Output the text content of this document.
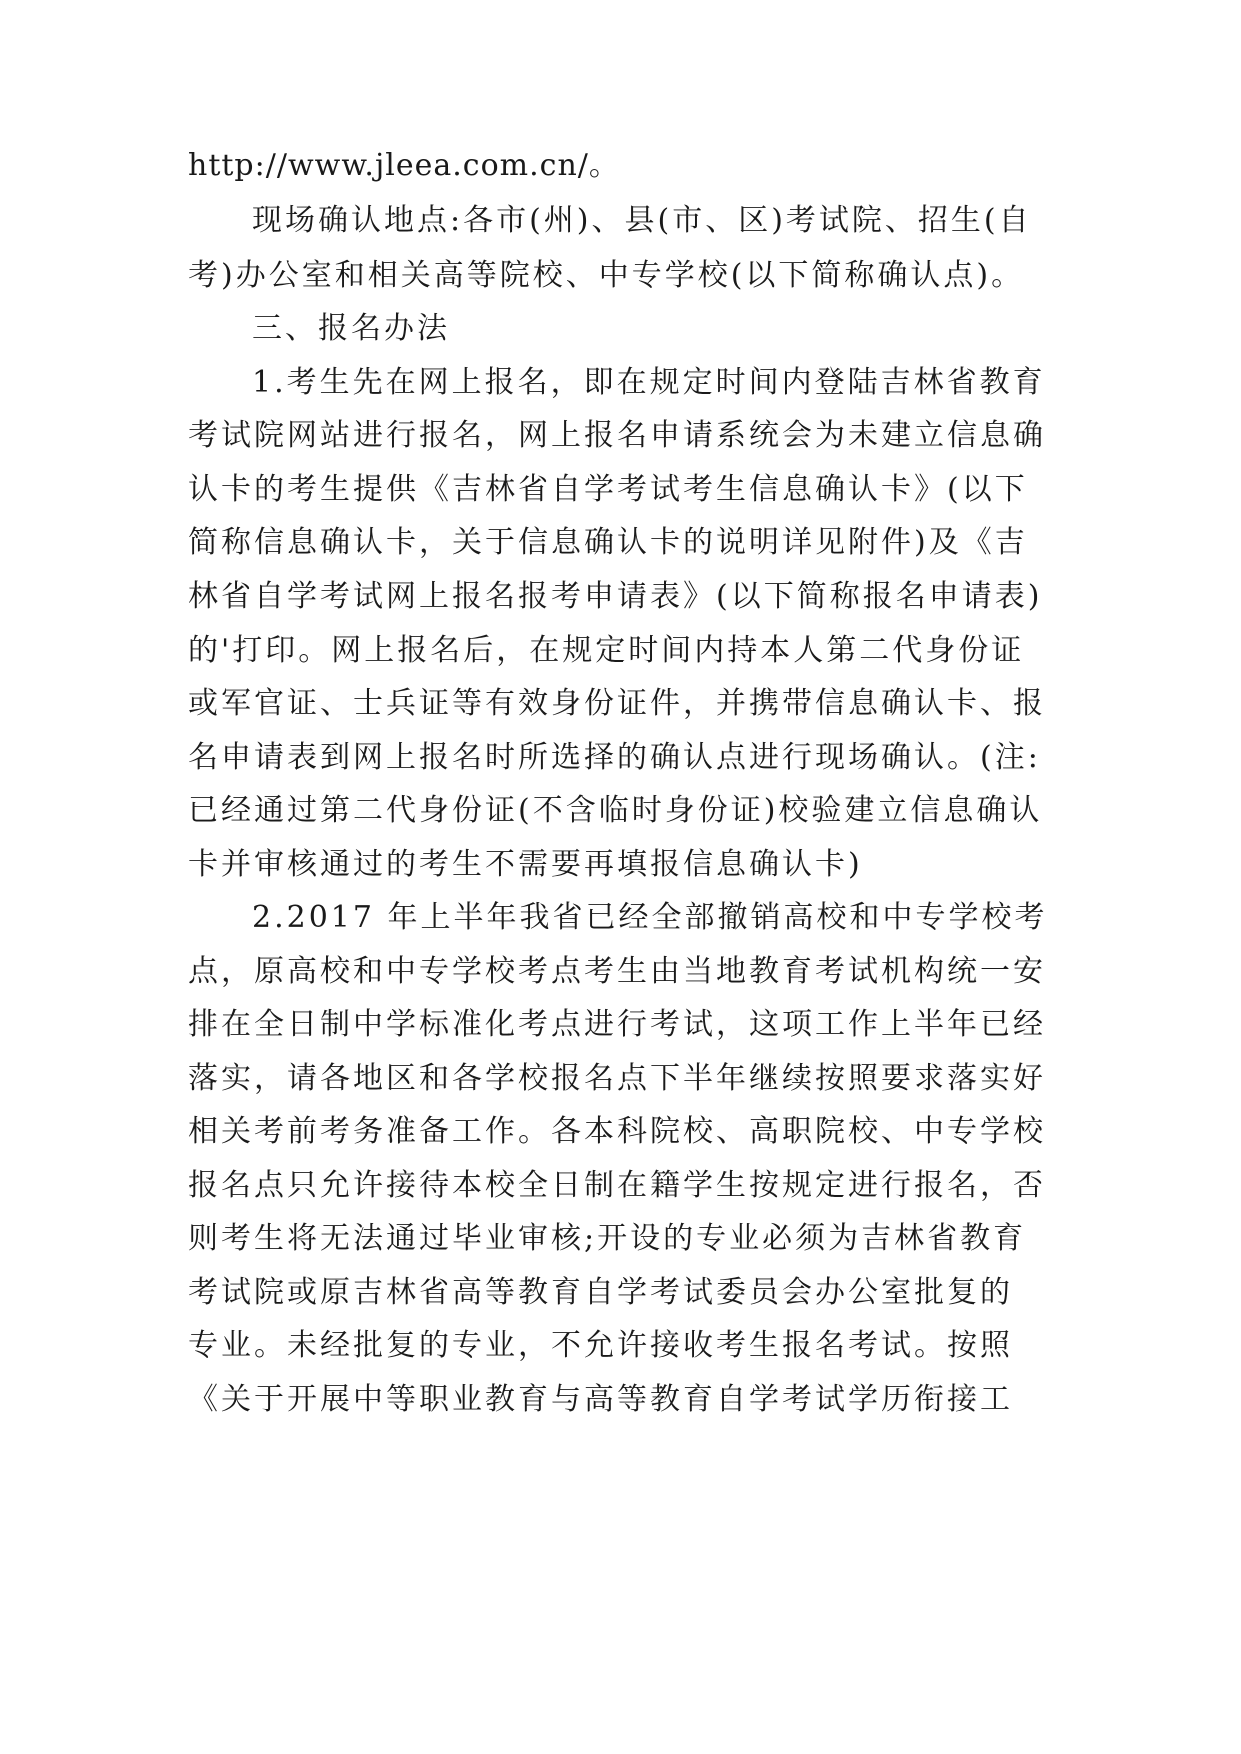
http://www.jleea.com.cn/。
现场确认地点:各市(州)、县(市、区)考试院、招生(自
考)办公室和相关高等院校、中专学校(以下简称确认点)。
三、报名办法
1.考生先在网上报名，即在规定时间内登陆吉林省教育
考试院网站进行报名，网上报名申请系统会为未建立信息确
认卡的考生提供《吉林省自学考试考生信息确认卡》(以下
简称信息确认卡，关于信息确认卡的说明详见附件)及《吉
林省自学考试网上报名报考申请表》(以下简称报名申请表)
的'打印。网上报名后，在规定时间内持本人第二代身份证
或军官证、士兵证等有效身份证件，并携带信息确认卡、报
名申请表到网上报名时所选择的确认点进行现场确认。(注:
已经通过第二代身份证(不含临时身份证)校验建立信息确认
卡并审核通过的考生不需要再填报信息确认卡)
2.2017 年上半年我省已经全部撤销高校和中专学校考
点，原高校和中专学校考点考生由当地教育考试机构统一安
排在全日制中学标准化考点进行考试，这项工作上半年已经
落实，请各地区和各学校报名点下半年继续按照要求落实好
相关考前考务准备工作。各本科院校、高职院校、中专学校
报名点只允许接待本校全日制在籍学生按规定进行报名，否
则考生将无法通过毕业审核;开设的专业必须为吉林省教育
考试院或原吉林省高等教育自学考试委员会办公室批复的
专业。未经批复的专业，不允许接收考生报名考试。按照
《关于开展中等职业教育与高等教育自学考试学历衔接工
